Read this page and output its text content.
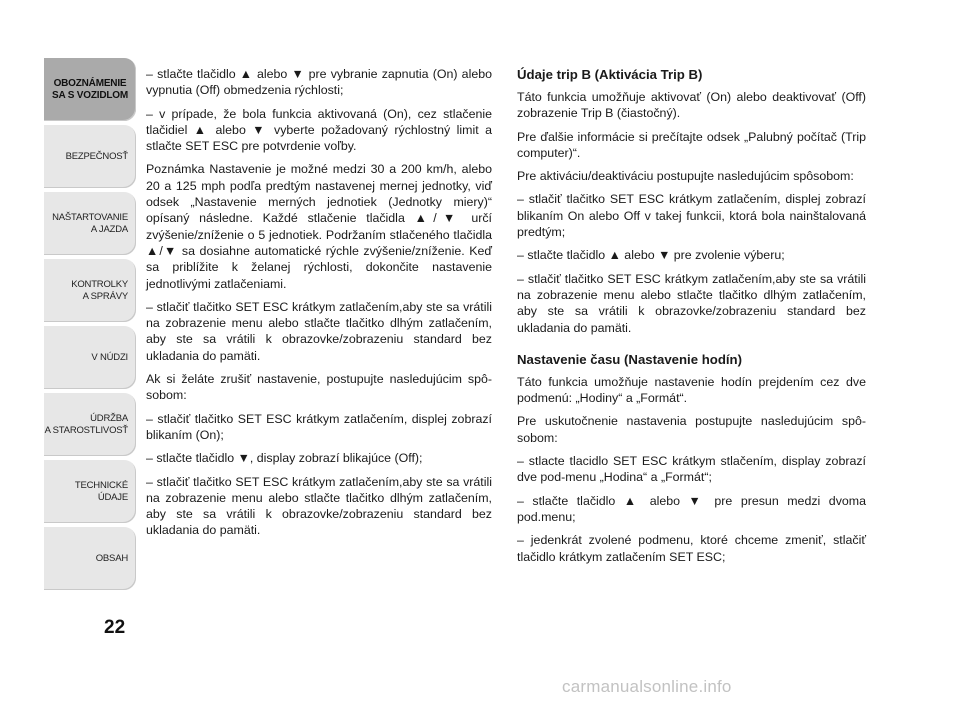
OBOZNÁMENIE
SA S VOZIDLOM
BEZPEČNOSŤ
NAŠTARTOVANIE
A JAZDA
KONTROLKY
A SPRÁVY
V NÚDZI
ÚDRŽBA
A STAROSTLIVOSŤ
TECHNICKÉ
ÚDAJE
OBSAH
22

– stlačte tlačidlo ▲ alebo ▼ pre vybranie zapnutia (On) alebo vypnutia (Off) obmedzenia rýchlosti;

– v prípade, že bola funkcia aktivovaná (On), cez stlačenie tlačidiel ▲ alebo ▼ vyberte požadovaný rýchlostný limit a stlačte SET ESC pre potvrdenie voľby.

Poznámka Nastavenie je možné medzi 30 a 200 km/h, alebo 20 a 125 mph podľa predtým nastavenej mernej jednotky, viď odsek „Nastavenie merných jednotiek (Jednotky miery)“ opísaný následne. Každé stlačenie tlačidla ▲/▼ určí zvýšenie/zníženie o 5 jednotiek. Podržaním stlačeného tlačidla ▲/▼ sa dosiahne automatické rýchle zvýšenie/zníženie. Keď sa priblížite k želanej rýchlosti, dokončite nastavenie jednotlivými zatlačeniami.

– stlačiť tlačitko SET ESC krátkym zatlačením,aby ste sa vrátili na zobrazenie menu alebo stlačte tlačitko dlhým zatlačením, aby ste sa vrátili k obrazovke/zobrazeniu standard bez ukladania do pamäti.

Ak si želáte zrušiť nastavenie, postupujte nasledujúcim spôsobom:

– stlačiť tlačitko SET ESC krátkym zatlačením, displej zobrazí blikaním (On);

– stlačte tlačidlo ▼, display zobrazí blikajúce (Off);

– stlačiť tlačitko SET ESC krátkym zatlačením,aby ste sa vrátili na zobrazenie menu alebo stlačte tlačitko dlhým zatlačením, aby ste sa vrátili k obrazovke/zobrazeniu standard bez ukladania do pamäti.

Údaje trip B (Aktivácia Trip B)

Táto funkcia umožňuje aktivovať (On) alebo deaktivovať (Off) zobrazenie Trip B (čiastočný).

Pre ďalšie informácie si prečítajte odsek „Palubný počítač (Trip computer)“.

Pre aktiváciu/deaktiváciu postupujte nasledujúcim spôsobom:

– stlačiť tlačitko SET ESC krátkym zatlačením, displej zobrazí blikaním On alebo Off v takej funkcii, ktorá bola nainštalovaná predtým;

– stlačte tlačidlo ▲ alebo ▼ pre zvolenie výberu;

– stlačiť tlačitko SET ESC krátkym zatlačením,aby ste sa vrátili na zobrazenie menu alebo stlačte tlačitko dlhým zatlačením, aby ste sa vrátili k obrazovke/zobrazeniu standard bez ukladania do pamäti.

Nastavenie času (Nastavenie hodín)

Táto funkcia umožňuje nastavenie hodín prejdením cez dve podmenú: „Hodiny“ a „Formát“.

Pre uskutočnenie nastavenia postupujte nasledujúcim spôsobom:

– stlacte tlacidlo SET ESC krátkym stlačením, display zobrazí dve pod-menu „Hodina“ a „Formát“;

– stlačte tlačidlo ▲ alebo ▼ pre presun medzi dvoma pod.menu;

– jedenkrát zvolené podmenu, ktoré chceme zmeniť, stlačiť tlačidlo krátkym zatlačením SET ESC;

carmanualsonline.info
